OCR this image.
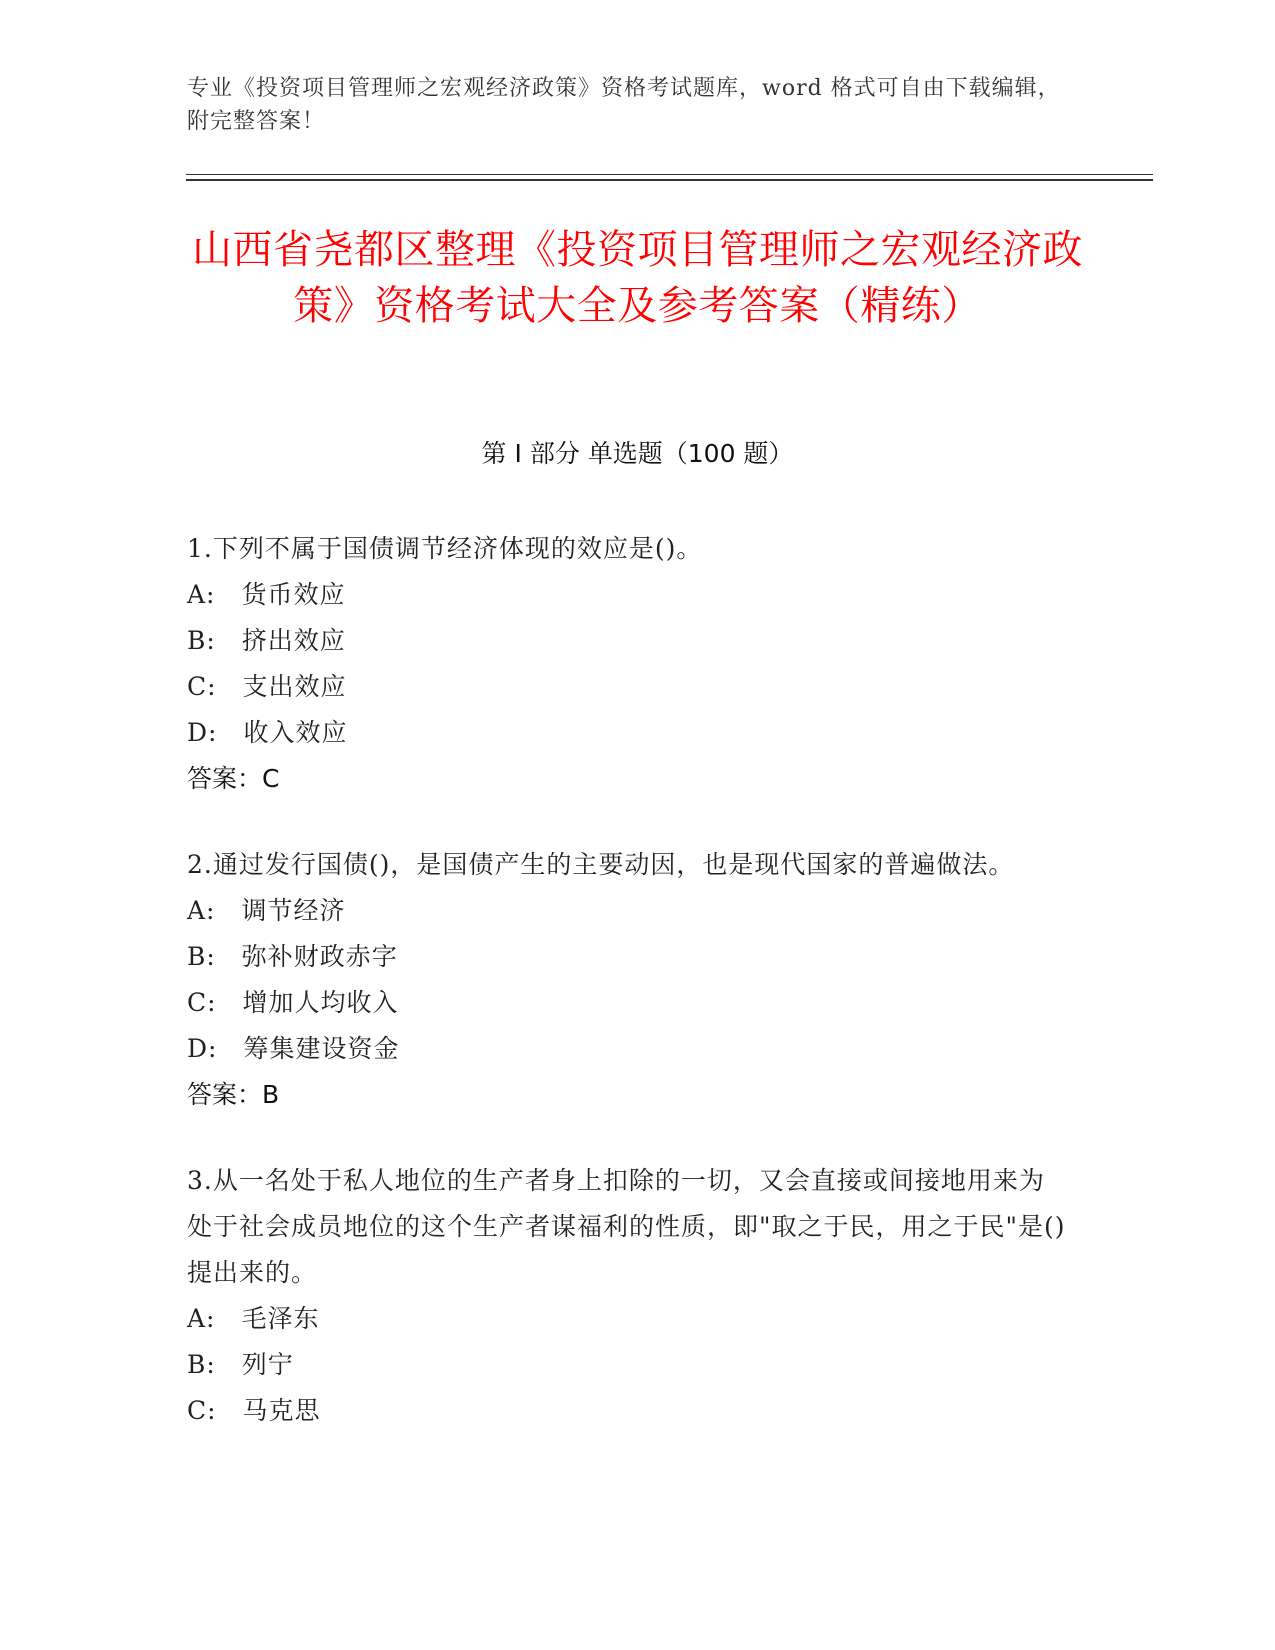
专业《投资项目管理师之宏观经济政策》资格考试题库，word 格式可自由下载编辑，附完整答案！
山西省尧都区整理《投资项目管理师之宏观经济政策》资格考试大全及参考答案（精练）
第 I 部分 单选题（100 题）
1.下列不属于国债调节经济体现的效应是()。
A:　货币效应
B:　挤出效应
C:　支出效应
D:　收入效应
答案：C
2.通过发行国债()，是国债产生的主要动因，也是现代国家的普遍做法。
A:　调节经济
B:　弥补财政赤字
C:　增加人均收入
D:　筹集建设资金
答案：B
3.从一名处于私人地位的生产者身上扣除的一切，又会直接或间接地用来为处于社会成员地位的这个生产者谋福利的性质，即"取之于民，用之于民"是()提出来的。
A:　毛泽东
B:　列宁
C:　马克思
